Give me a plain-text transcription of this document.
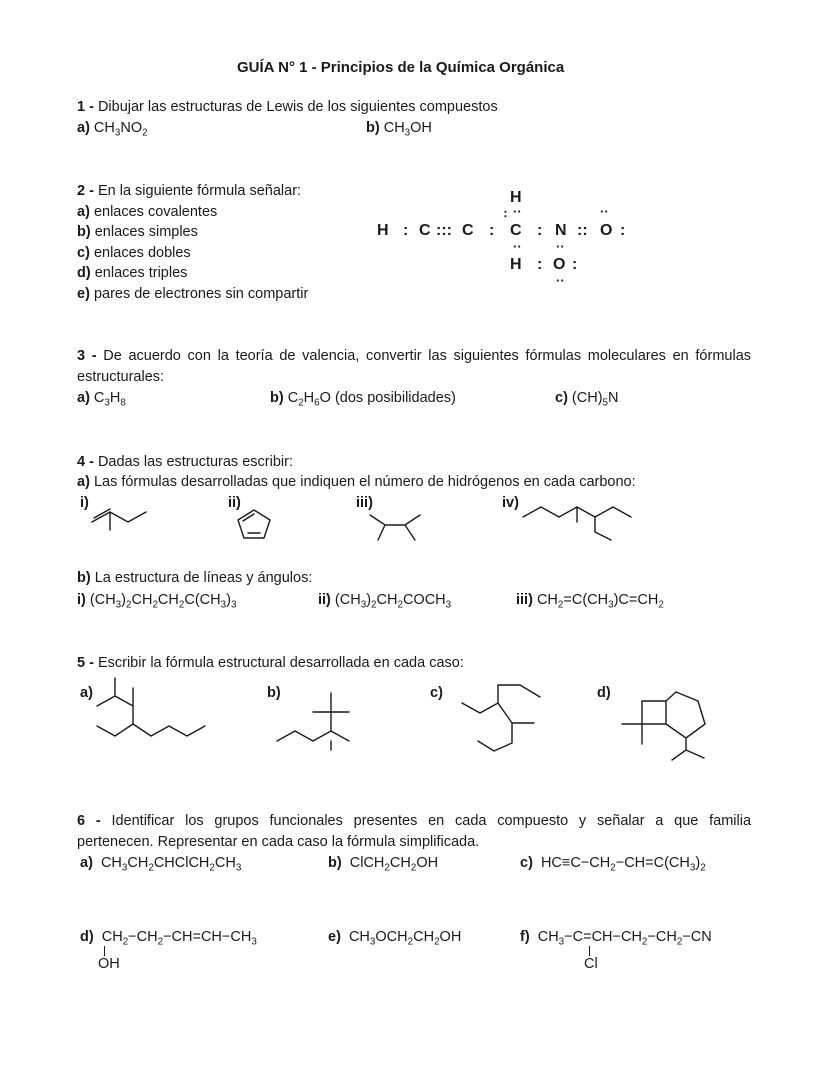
GUÍA N° 1 - Principios de la Química Orgánica
1 - Dibujar las estructuras de Lewis de los siguientes compuestos
a) $CH_3NO_2$	b) $CH_3OH$
2 - En la siguiente fórmula señalar:
a) enlaces covalentes
b) enlaces simples
c) enlaces dobles
d) enlaces triples
e) pares de electrones sin compartir
H
··	··
H : C ::: C : C : N :: O :
··
··	··
H : O :
··
3 - De acuerdo con la teoría de valencia, convertir las siguientes fórmulas moleculares en fórmulas
estructurales:
a) $C_3H_8$	b) $C_2H_6O$ (dos posibilidades)	c) $(CH)_5N$
4 - Dadas las estructuras escribir:
a) Las fórmulas desarrolladas que indiquen el número de hidrógenos en cada carbono:
i)	ii)	iii)	iv)
b) La estructura de líneas y ángulos:
i) $(CH_3)_2CH_2CH_2C(CH_3)_3$	ii) $(CH_3)_2CH_2COCH_3$	iii) $CH_2=C(CH_3)C=CH_2$
5 - Escribir la fórmula estructural desarrollada en cada caso:
a)	b)	c)	d)
6 - Identificar los grupos funcionales presentes en cada compuesto y señalar a que familia
pertenecen. Representar en cada caso la fórmula simplificada.
a)  $CH_3CH_2CHClCH_2CH_3$	b)  $ClCH_2CH_2OH$	c)  $HC\equiv C-CH_2-CH=C(CH_3)_2$
d)  $CH_2-CH_2-CH=CH-CH_3$
OH
e)  $CH_3OCH_2CH_2OH$	f)  $CH_3-C=CH-CH_2-CH_2-CN$
Cl
